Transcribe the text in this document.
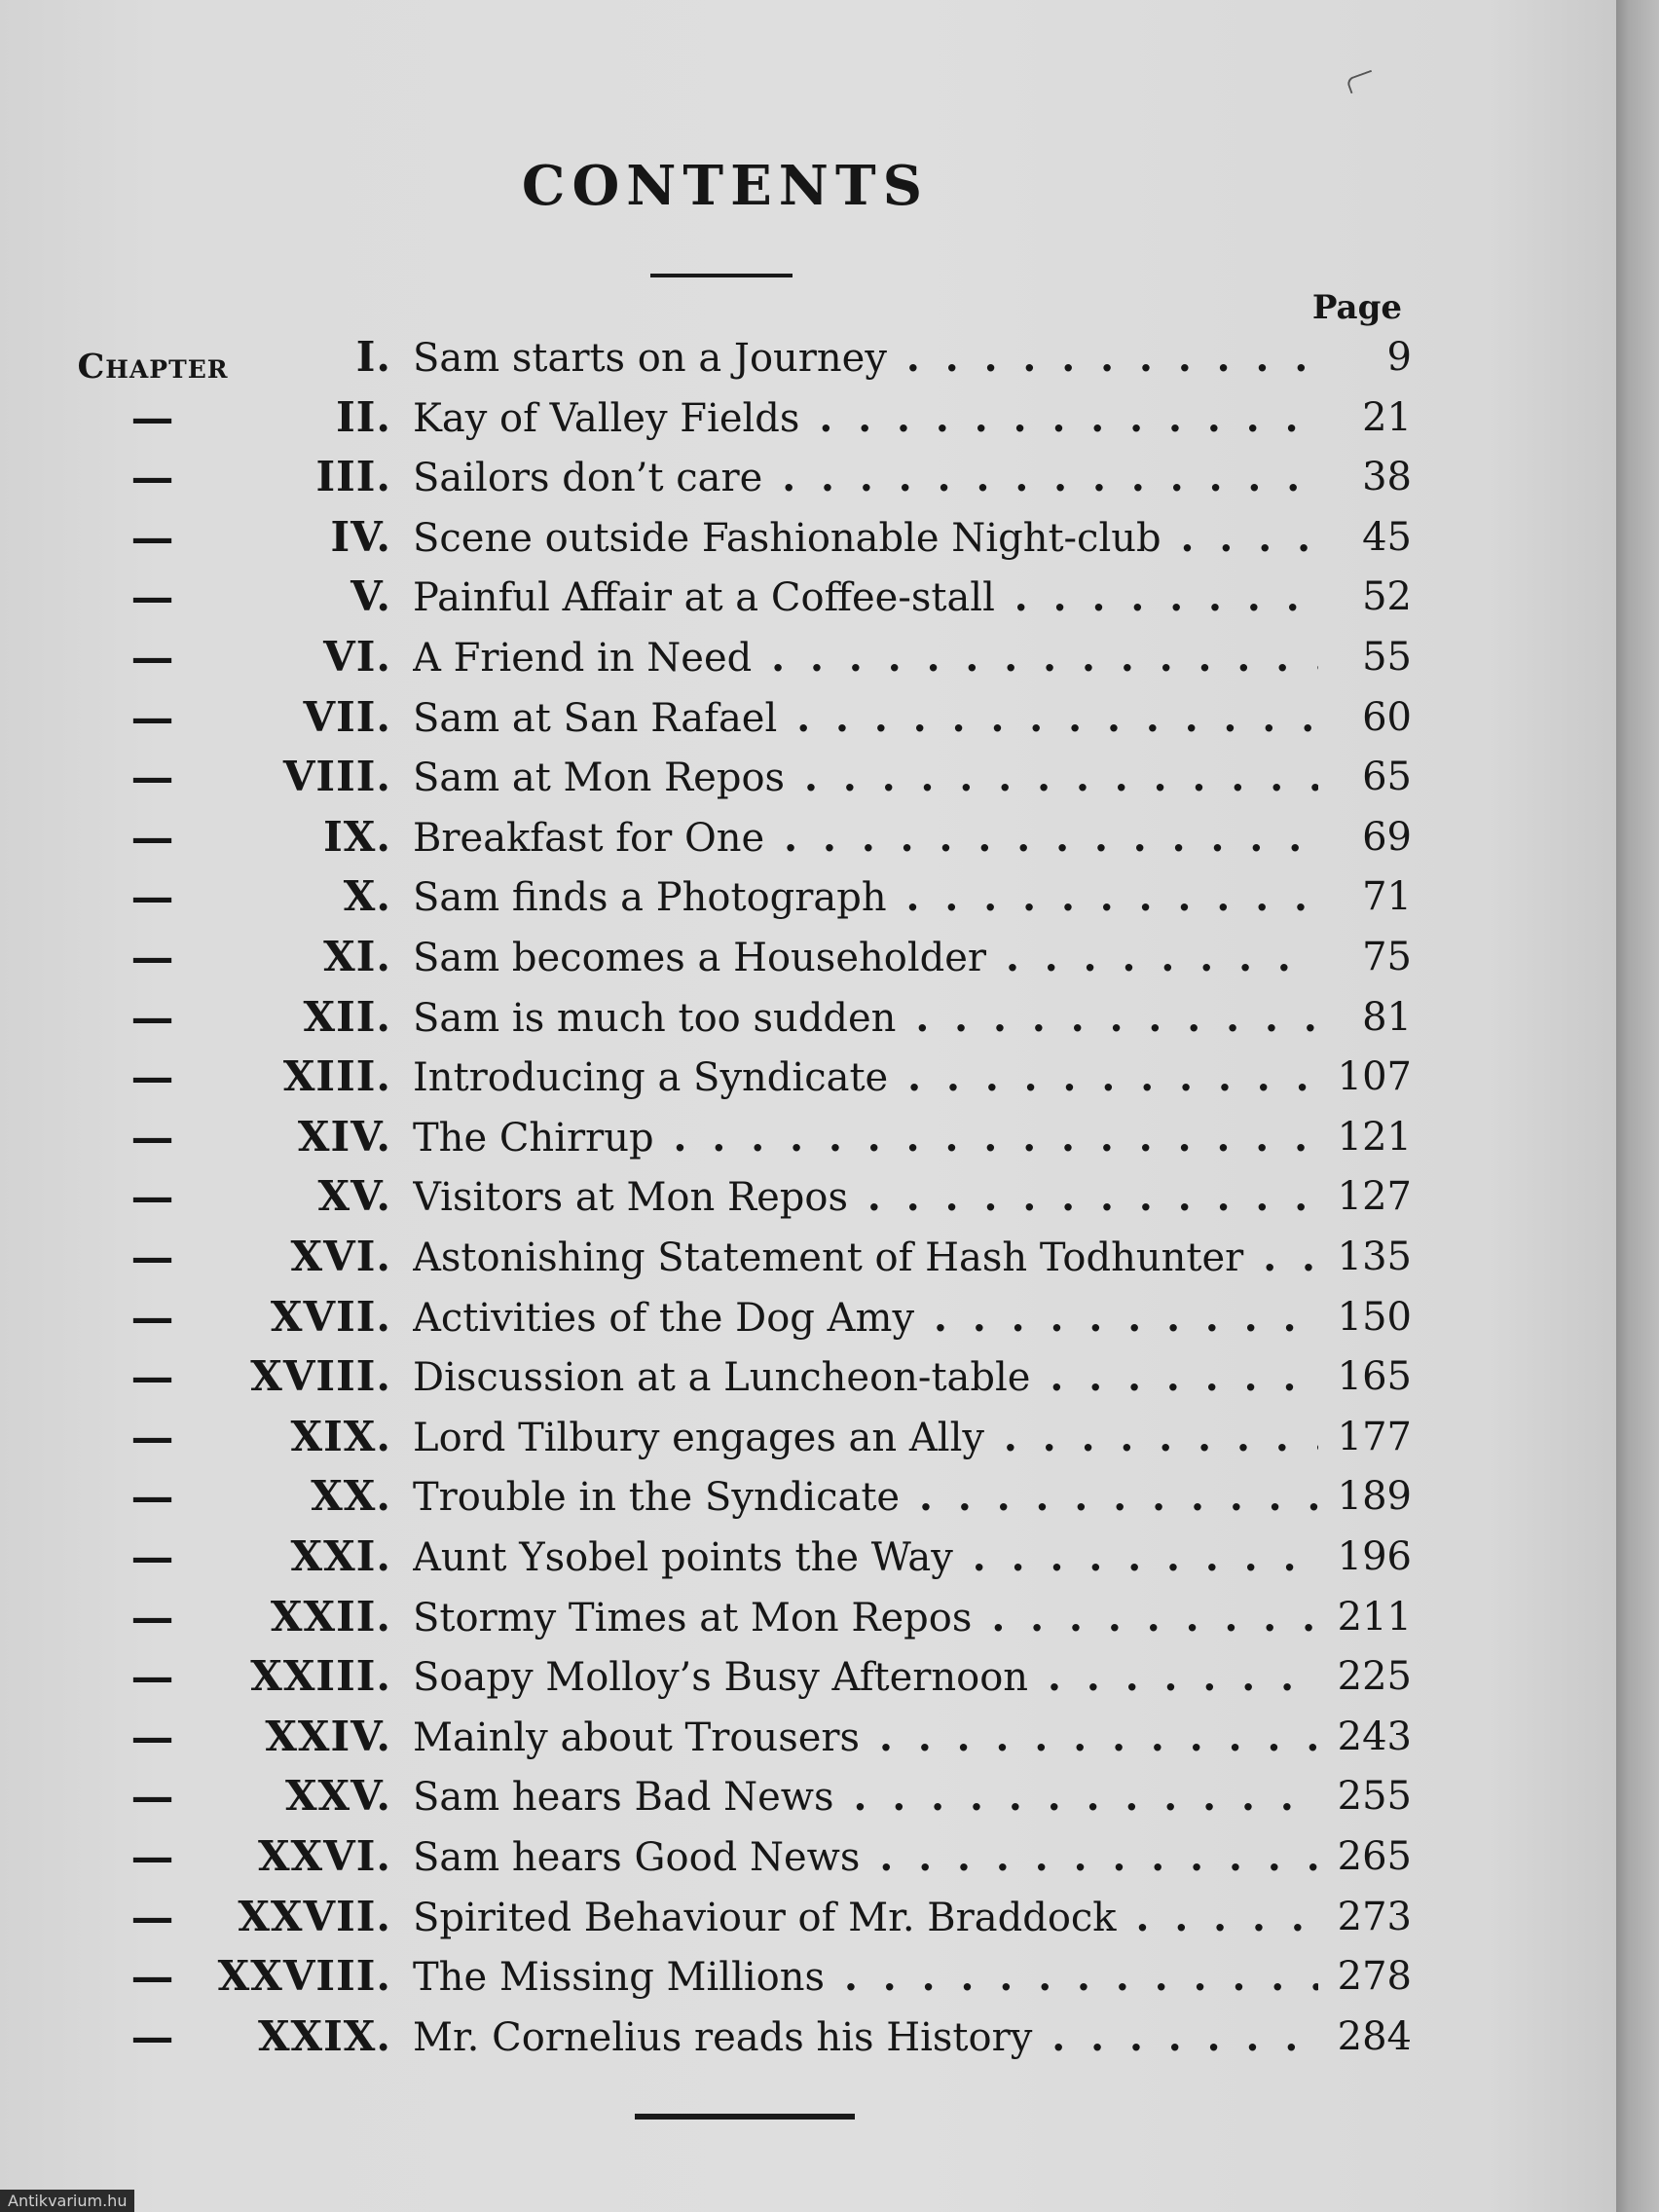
CONTENTS
Page
Chapter	I. Sam starts on a Journey . . .	9
—	II. Kay of Valley Fields . . .	21
—	III. Sailors don’t care . . .	38
—	IV. Scene outside Fashionable Night-club . . .	45
—	V. Painful Affair at a Coffee-stall . . .	52
—	VI. A Friend in Need . . .	55
—	VII. Sam at San Rafael . . .	60
—	VIII. Sam at Mon Repos . . .	65
—	IX. Breakfast for One . . .	69
—	X. Sam finds a Photograph . . .	71
—	XI. Sam becomes a Householder . . .	75
—	XII. Sam is much too sudden . . .	81
—	XIII. Introducing a Syndicate . . .	107
—	XIV. The Chirrup . . .	121
—	XV. Visitors at Mon Repos . . .	127
—	XVI. Astonishing Statement of Hash Todhunter . . .	135
—	XVII. Activities of the Dog Amy . . .	150
—	XVIII. Discussion at a Luncheon-table . . .	165
—	XIX. Lord Tilbury engages an Ally . . .	177
—	XX. Trouble in the Syndicate . . .	189
—	XXI. Aunt Ysobel points the Way . . .	196
—	XXII. Stormy Times at Mon Repos . . .	211
—	XXIII. Soapy Molloy’s Busy Afternoon . . .	225
—	XXIV. Mainly about Trousers . . .	243
—	XXV. Sam hears Bad News . . .	255
—	XXVI. Sam hears Good News . . .	265
—	XXVII. Spirited Behaviour of Mr. Braddock . . .	273
—	XXVIII. The Missing Millions . . .	278
—	XXIX. Mr. Cornelius reads his History . . .	284
Antikvarium.hu
